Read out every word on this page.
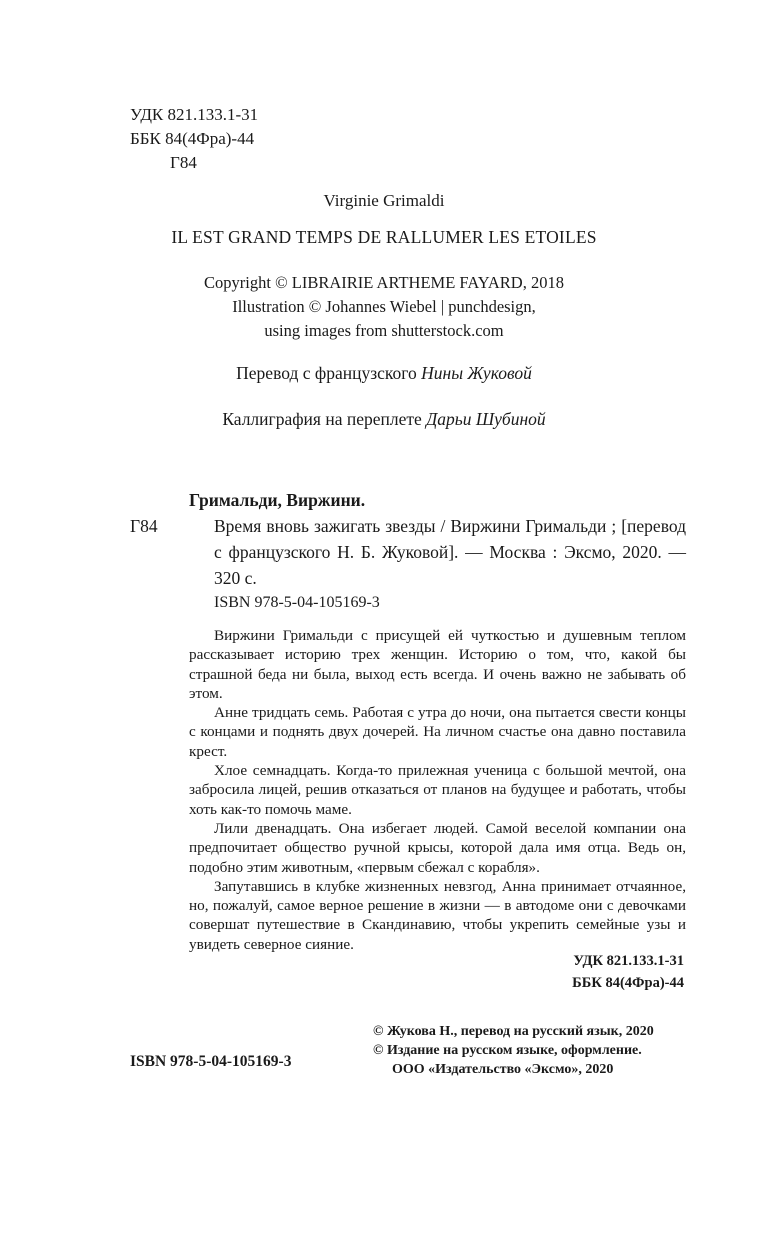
УДК 821.133.1-31
ББК 84(4Фра)-44
Г84
Virginie Grimaldi
IL EST GRAND TEMPS DE RALLUMER LES ETOILES
Copyright © LIBRAIRIE ARTHEME FAYARD, 2018
Illustration © Johannes Wiebel | punchdesign,
using images from shutterstock.com
Перевод с французского Нины Жуковой
Каллиграфия на переплете Дарьи Шубиной
Гримальди, Виржини.
Г84	Время вновь зажигать звезды / Виржини Гримальди ; [перевод с французского Н. Б. Жуковой]. — Москва : Эксмо, 2020. — 320 с.
ISBN 978-5-04-105169-3

Виржини Гримальди с присущей ей чуткостью и душевным теплом рассказывает историю трех женщин. Историю о том, что, какой бы страшной беда ни была, выход есть всегда. И очень важно не забывать об этом.

Анне тридцать семь. Работая с утра до ночи, она пытается свести концы с концами и поднять двух дочерей. На личном счастье она давно поставила крест.

Хлое семнадцать. Когда-то прилежная ученица с большой мечтой, она забросила лицей, решив отказаться от планов на будущее и работать, чтобы хоть как-то помочь маме.

Лили двенадцать. Она избегает людей. Самой веселой компании она предпочитает общество ручной крысы, которой дала имя отца. Ведь он, подобно этим животным, «первым сбежал с корабля».

Запутавшись в клубке жизненных невзгод, Анна принимает отчаянное, но, пожалуй, самое верное решение в жизни — в автодоме они с девочками совершат путешествие в Скандинавию, чтобы укрепить семейные узы и увидеть северное сияние.

УДК 821.133.1-31
ББК 84(4Фра)-44
ISBN 978-5-04-105169-3
© Жукова Н., перевод на русский язык, 2020
© Издание на русском языке, оформление.
ООО «Издательство «Эксмо», 2020
